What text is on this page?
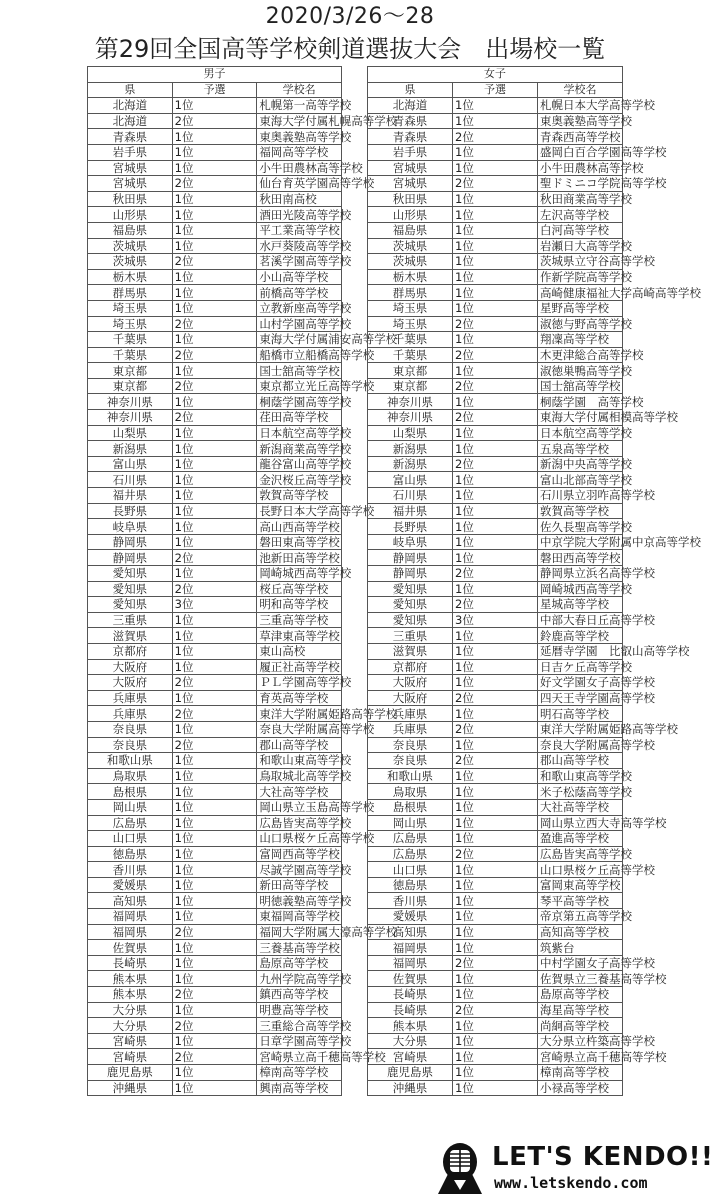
2020/3/26〜28
第29回全国高等学校剣道選抜大会　出場校一覧
男子		
県	予選	学校名
北海道	1位	札幌第一高等学校
北海道	2位	東海大学付属札幌高等学校
青森県	1位	東奥義塾高等学校
岩手県	1位	福岡高等学校
宮城県	1位	小牛田農林高等学校
宮城県	2位	仙台育英学園高等学校
秋田県	1位	秋田南高校
山形県	1位	酒田光陵高等学校
福島県	1位	平工業高等学校
茨城県	1位	水戸葵陵高等学校
茨城県	2位	茗溪学園高等学校
栃木県	1位	小山高等学校
群馬県	1位	前橋高等学校
埼玉県	1位	立教新座高等学校
埼玉県	2位	山村学園高等学校
千葉県	1位	東海大学付属浦安高等学校
千葉県	2位	船橋市立船橋高等学校
東京都	1位	国士舘高等学校
東京都	2位	東京都立光丘高等学校
神奈川県	1位	桐蔭学園高等学校
神奈川県	2位	荏田高等学校
山梨県	1位	日本航空高等学校
新潟県	1位	新潟商業高等学校
富山県	1位	龍谷富山高等学校
石川県	1位	金沢桜丘高等学校
福井県	1位	敦賀高等学校
長野県	1位	長野日本大学高等学校
岐阜県	1位	高山西高等学校
静岡県	1位	磐田東高等学校
静岡県	2位	池新田高等学校
愛知県	1位	岡崎城西高等学校
愛知県	2位	桜丘高等学校
愛知県	3位	明和高等学校
三重県	1位	三重高等学校
滋賀県	1位	草津東高等学校
京都府	1位	東山高校
大阪府	1位	履正社高等学校
大阪府	2位	ＰＬ学園高等学校
兵庫県	1位	育英高等学校
兵庫県	2位	東洋大学附属姫路高等学校
奈良県	1位	奈良大学附属高等学校
奈良県	2位	郡山高等学校
和歌山県	1位	和歌山東高等学校
鳥取県	1位	鳥取城北高等学校
島根県	1位	大社高等学校
岡山県	1位	岡山県立玉島高等学校
広島県	1位	広島皆実高等学校
山口県	1位	山口県桜ケ丘高等学校
徳島県	1位	富岡西高等学校
香川県	1位	尽誠学園高等学校
愛媛県	1位	新田高等学校
高知県	1位	明徳義塾高等学校
福岡県	1位	東福岡高等学校
福岡県	2位	福岡大学附属大濠高等学校
佐賀県	1位	三養基高等学校
長崎県	1位	島原高等学校
熊本県	1位	九州学院高等学校
熊本県	2位	鎮西高等学校
大分県	1位	明豊高等学校
大分県	2位	三重総合高等学校
宮崎県	1位	日章学園高等学校
宮崎県	2位	宮崎県立高千穂高等学校
鹿児島県	1位	樟南高等学校
沖縄県	1位	興南高等学校
女子		
県	予選	学校名
北海道	1位	札幌日本大学高等学校
青森県	1位	東奥義塾高等学校
青森県	2位	青森西高等学校
岩手県	1位	盛岡白百合学園高等学校
宮城県	1位	小牛田農林高等学校
宮城県	2位	聖ドミニコ学院高等学校
秋田県	1位	秋田商業高等学校
山形県	1位	左沢高等学校
福島県	1位	白河高等学校
茨城県	1位	岩瀬日大高等学校
茨城県	1位	茨城県立守谷高等学校
栃木県	1位	作新学院高等学校
群馬県	1位	高崎健康福祉大学高崎高等学校
埼玉県	1位	星野高等学校
埼玉県	2位	淑徳与野高等学校
千葉県	1位	翔凜高等学校
千葉県	2位	木更津総合高等学校
東京都	1位	淑徳巣鴨高等学校
東京都	2位	国士舘高等学校
神奈川県	1位	桐蔭学園　高等学校
神奈川県	2位	東海大学付属相模高等学校
山梨県	1位	日本航空高等学校
新潟県	1位	五泉高等学校
新潟県	2位	新潟中央高等学校
富山県	1位	富山北部高等学校
石川県	1位	石川県立羽咋高等学校
福井県	1位	敦賀高等学校
長野県	1位	佐久長聖高等学校
岐阜県	1位	中京学院大学附属中京高等学校
静岡県	1位	磐田西高等学校
静岡県	2位	静岡県立浜名高等学校
愛知県	1位	岡崎城西高等学校
愛知県	2位	星城高等学校
愛知県	3位	中部大春日丘高等学校
三重県	1位	鈴鹿高等学校
滋賀県	1位	延暦寺学園　比叡山高等学校
京都府	1位	日吉ケ丘高等学校
大阪府	1位	好文学園女子高等学校
大阪府	2位	四天王寺学園高等学校
兵庫県	1位	明石高等学校
兵庫県	2位	東洋大学附属姫路高等学校
奈良県	1位	奈良大学附属高等学校
奈良県	2位	郡山高等学校
和歌山県	1位	和歌山東高等学校
鳥取県	1位	米子松蔭高等学校
島根県	1位	大社高等学校
岡山県	1位	岡山県立西大寺高等学校
広島県	1位	盈進高等学校
広島県	2位	広島皆実高等学校
山口県	1位	山口県桜ケ丘高等学校
徳島県	1位	富岡東高等学校
香川県	1位	琴平高等学校
愛媛県	1位	帝京第五高等学校
高知県	1位	高知高等学校
福岡県	1位	筑紫台
福岡県	2位	中村学園女子高等学校
佐賀県	1位	佐賀県立三養基高等学校
長崎県	1位	島原高等学校
長崎県	2位	海星高等学校
熊本県	1位	尚絅高等学校
大分県	1位	大分県立杵築高等学校
宮崎県	1位	宮崎県立高千穂高等学校
鹿児島県	1位	樟南高等学校
沖縄県	1位	小禄高等学校
LET'S KENDO!!
www.letskendo.com
